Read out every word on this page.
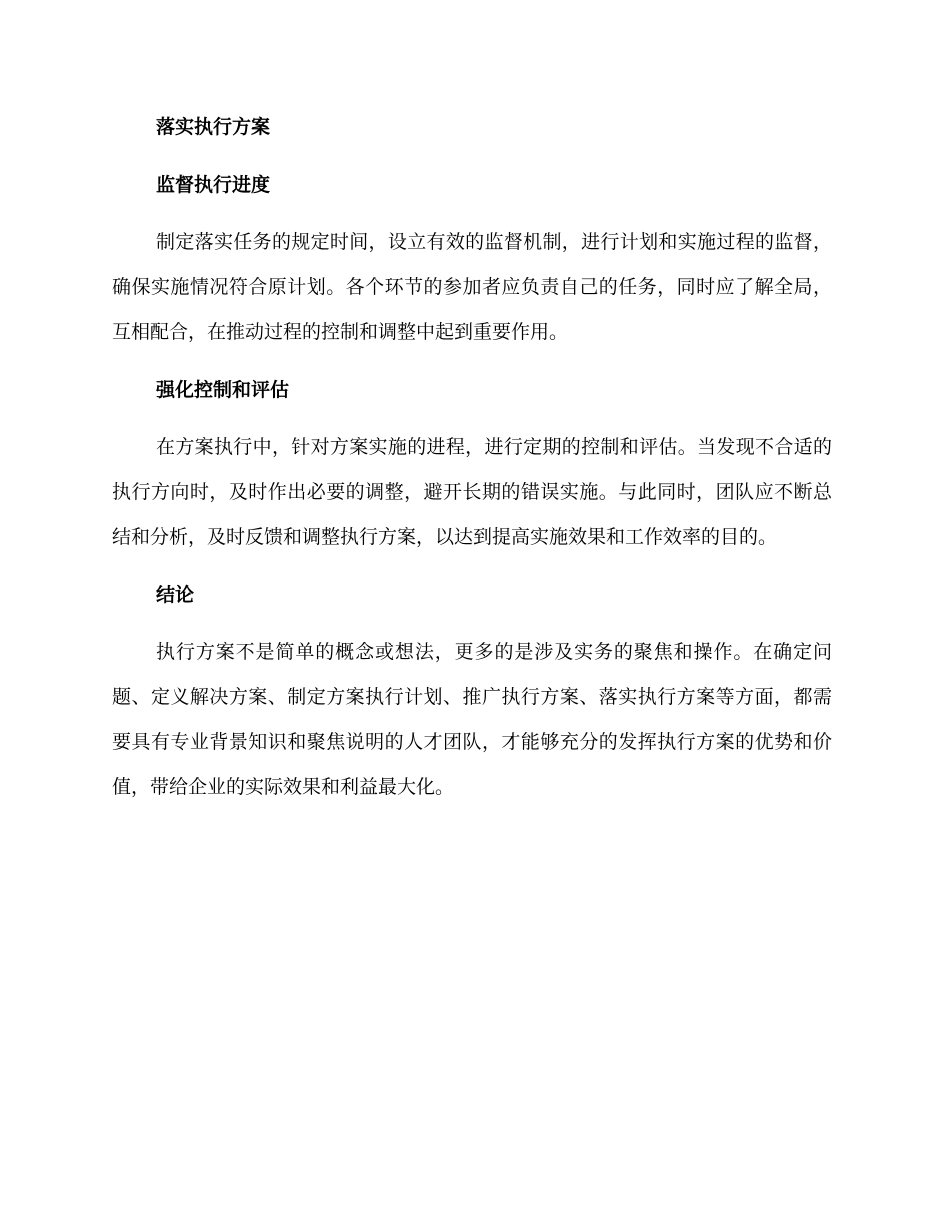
落实执行方案
监督执行进度

制定落实任务的规定时间，设立有效的监督机制，进行计划和实施过程的监督，确保实施情况符合原计划。各个环节的参加者应负责自己的任务，同时应了解全局，互相配合，在推动过程的控制和调整中起到重要作用。

强化控制和评估

在方案执行中，针对方案实施的进程，进行定期的控制和评估。当发现不合适的执行方向时，及时作出必要的调整，避开长期的错误实施。与此同时，团队应不断总结和分析，及时反馈和调整执行方案，以达到提高实施效果和工作效率的目的。

结论

执行方案不是简单的概念或想法，更多的是涉及实务的聚焦和操作。在确定问题、定义解决方案、制定方案执行计划、推广执行方案、落实执行方案等方面，都需要具有专业背景知识和聚焦说明的人才团队，才能够充分的发挥执行方案的优势和价值，带给企业的实际效果和利益最大化。
